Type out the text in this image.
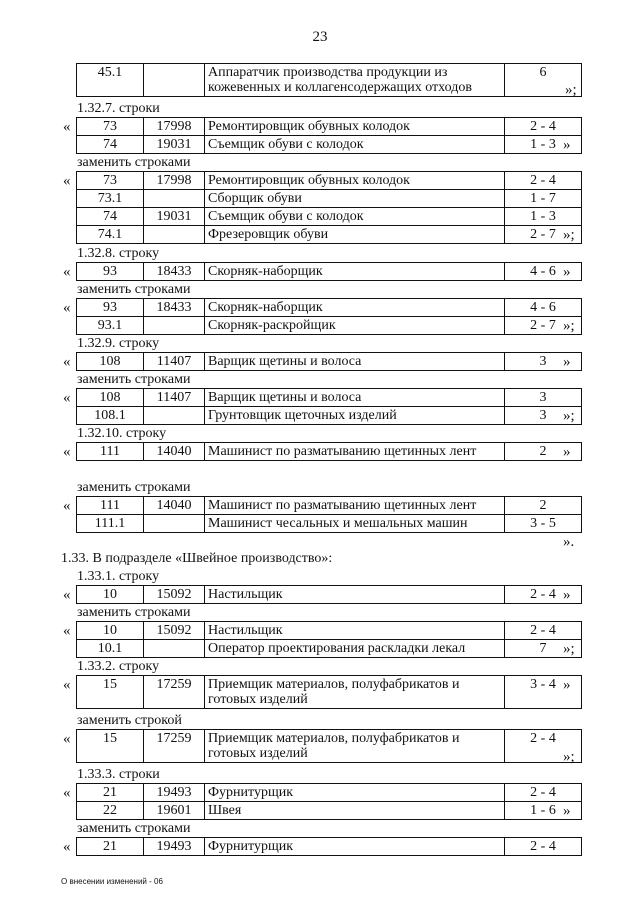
23
45.1		Аппаратчик производства продукции из кожевенных и коллагенсодержащих отходов	6
73	17998	Ремонтировщик обувных колодок	2 - 4
74	19031	Съемщик обуви с колодок	1 - 3
73	17998	Ремонтировщик обувных колодок	2 - 4
73.1		Сборщик обуви	1 - 7
74	19031	Съемщик обуви с колодок	1 - 3
74.1		Фрезеровщик обуви	2 - 7
93	18433	Скорняк-наборщик	4 - 6
93	18433	Скорняк-наборщик	4 - 6
93.1		Скорняк-раскройщик	2 - 7
108	11407	Варщик щетины и волоса	3
108	11407	Варщик щетины и волоса	3
108.1		Грунтовщик щеточных изделий	3
111	14040	Машинист по разматыванию щетинных лент	2
111	14040	Машинист по разматыванию щетинных лент	2
111.1		Машинист чесальных и мешальных машин	3 - 5
10	15092	Настильщик	2 - 4
10	15092	Настильщик	2 - 4
10.1		Оператор проектирования раскладки лекал	7
15	17259	Приемщик материалов, полуфабрикатов и готовых изделий	3 - 4
15	17259	Приемщик материалов, полуфабрикатов и готовых изделий	2 - 4
21	19493	Фурнитурщик	2 - 4
22	19601	Швея	1 - 6
21	19493	Фурнитурщик	2 - 4
1.32.7. строки
заменить строками
1.32.8. строку
заменить строками
1.32.9. строку
заменить строками
1.32.10. строку
заменить строками
1.33. В подразделе «Швейное производство»:
1.33.1. строку
заменить строками
1.33.2. строку
заменить строкой
1.33.3. строки
заменить строками
«
«
«
«
«
«
«
«
«
«
«
«
«
«
»;
»
»;
»
»;
»
»;
»
».
»
»;
»
»;
»
О внесении изменений - 06
